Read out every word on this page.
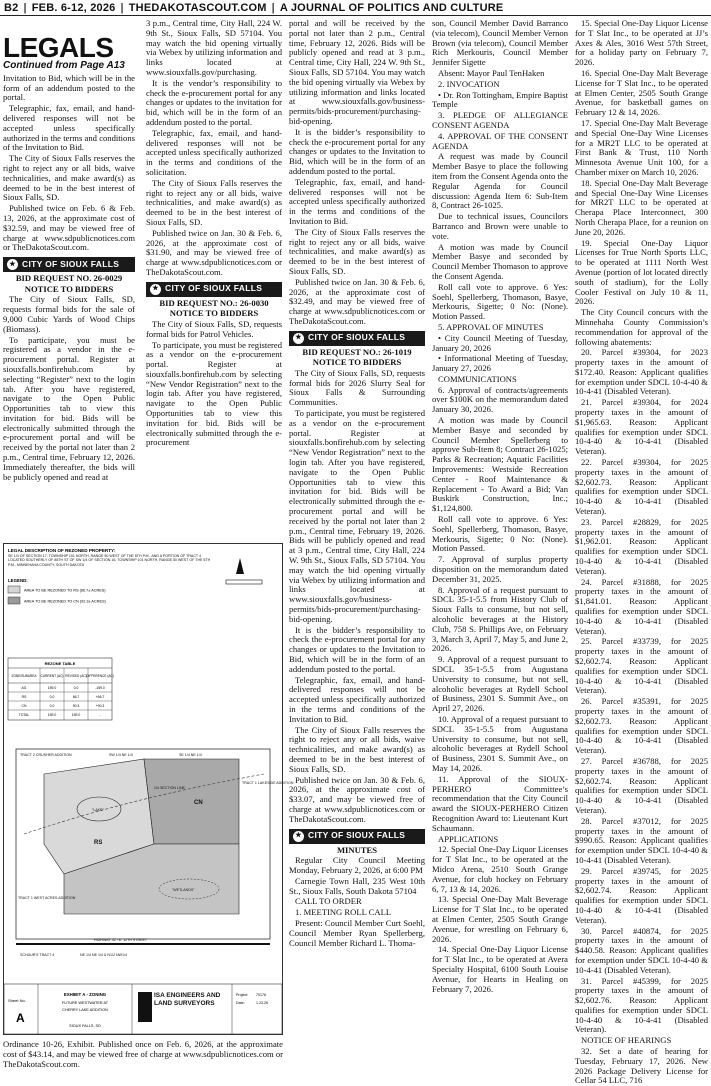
B2 | FEB. 6-12, 2026 | THEDAKOTASCOUT.COM | A JOURNAL OF POLITICS AND CULTURE
LEGALS
Continued from Page A13

Invitation to Bid, which will be in the form of an addendum posted to the portal.

Telegraphic, fax, email, and hand-delivered responses will not be accepted unless specifically authorized in the terms and conditions of the Invitation to Bid.

The City of Sioux Falls reserves the right to reject any or all bids, waive technicalities, and make award(s) as deemed to be in the best interest of Sioux Falls, SD.

Published twice on Feb. 6 & Feb. 13, 2026, at the approximate cost of $32.59, and may be viewed free of charge at www.sdpublicnotices.com or TheDakotaScout.com.

★ CITY OF SIOUX FALLS
BID REQUEST NO. 26-0029
NOTICE TO BIDDERS

The City of Sioux Falls, SD, requests formal bids for the sale of 9,000 Cubic Yards of Wood Chips (Biomass).

To participate, you must be registered as a vendor in the e-procurement portal. Register at siouxfalls.bonfirehub.com by selecting “Register” next to the login tab. After you have registered, navigate to the Open Public Opportunities tab to view this invitation for bid. Bids will be electronically submitted through the e-procurement portal and will be received by the portal not later than 2 p.m., Central time, February 12, 2026. Immediately thereafter, the bids will be publicly opened and read at

3 p.m., Central time, City Hall, 224 W. 9th St., Sioux Falls, SD 57104. You may watch the bid opening virtually via Webex by utilizing information and links located at www.siouxfalls.gov/purchasing.

It is the vendor’s responsibility to check the e-procurement portal for any changes or updates to the invitation for bid, which will be in the form of an addendum posted to the portal.

Telegraphic, fax, email, and hand-delivered responses will not be accepted unless specifically authorized in the terms and conditions of the solicitation.

The City of Sioux Falls reserves the right to reject any or all bids, waive technicalities, and make award(s) as deemed to be in the best interest of Sioux Falls, SD.

Published twice on Jan. 30 & Feb. 6, 2026, at the approximate cost of $31.90, and may be viewed free of charge at www.sdpublicnotices.com or TheDakotaScout.com.

★ CITY OF SIOUX FALLS
BID REQUEST NO.: 26-0030
NOTICE TO BIDDERS

The City of Sioux Falls, SD, requests formal bids for Patrol Vehicles.

To participate, you must be registered as a vendor on the e-procurement portal. Register at siouxfalls.bonfirehub.com by selecting “New Vendor Registration” next to the login tab. After you have registered, navigate to the Open Public Opportunities tab to view this invitation for bid. Bids will be electronically submitted through the e-procurement

LEGAL DESCRIPTION OF REZONED PROPERTY:
SE 1/4 OF SECTION 17, TOWNSHIP 101 NORTH, RANGE 50 WEST OF THE 5TH P.M., AND A PORTION OF TRACT 4 LOCATED SOUTHERLY OF 85TH ST OF SW 1/4 OF SECTION 16, TOWNSHIP 101 NORTH, RANGE 50 WEST OF THE 5TH P.M., MINNEHAHA COUNTY, SOUTH DAKOTA
LEGEND:
AREA TO BE REZONED TO RS (66.7± ACRES)
AREA TO BE REZONED TO CN (92.3± ACRES)
REZONE TABLE
ZONE/SUBAREA CURRENT (AC) REVISED (AC) DIFFERENCE (AC)
AG	159.0	0.0	-159.0
RS	0.0	66.7	+66.7
CN	0.0	90.3	+90.3
TOTAL	159.0	159.0	-
TRACT 2 CRUSHER ADDITION	SW 1/4 NE 1/4	SE 1/4 NE 1/4
TRACT 1 LAKESIDE ADDITION
1/4 SECTION LINE
"LAKE"
"WETLANDS"
HIGHWAY 42 / E. 12TH STREET
TRACT 1 WEST ACRES ADDITION
SCHUUR'S TRACT 4	NE 1/4 NE 1/4 & N1/2 NW1/4
RS
CN
Sheet No.
A
EXHIBIT A - ZONING
FUTURE WESTWATER AT
CHERRY LAKE ADDITION
SIOUX FALLS, SD
ISA ENGINEERS AND LAND SURVEYORS
Project: 70176
Date:	1.23.26

Ordinance 10-26, Exhibit. Published once on Feb. 6, 2026, at the approximate cost of $43.14, and may be viewed free of charge at www.sdpublicnotices.com or TheDakotaScout.com.

portal and will be received by the portal not later than 2 p.m., Central time, February 12, 2026. Bids will be publicly opened and read at 3 p.m., Central time, City Hall, 224 W. 9th St., Sioux Falls, SD 57104. You may watch the bid opening virtually via Webex by utilizing information and links located at www.siouxfalls.gov/business-permits/bids-procurement/purchasing-bid-opening.

It is the bidder’s responsibility to check the e-procurement portal for any changes or updates to the Invitation to Bid, which will be in the form of an addendum posted to the portal.

Telegraphic, fax, email, and hand-delivered responses will not be accepted unless specifically authorized in the terms and conditions of the Invitation to Bid.

The City of Sioux Falls reserves the right to reject any or all bids, waive technicalities, and make award(s) as deemed to be in the best interest of Sioux Falls, SD.

Published twice on Jan. 30 & Feb. 6, 2026, at the approximate cost of $32.49, and may be viewed free of charge at www.sdpublicnotices.com or TheDakotaScout.com.

★ CITY OF SIOUX FALLS
BID REQUEST NO.: 26-1019
NOTICE TO BIDDERS

The City of Sioux Falls, SD, requests formal bids for 2026 Slurry Seal for Sioux Falls & Surrounding Communities.

To participate, you must be registered as a vendor on the e-procurement portal. Register at siouxfalls.bonfirehub.com by selecting “New Vendor Registration” next to the login tab. After you have registered, navigate to the Open Public Opportunities tab to view this invitation for bid. Bids will be electronically submitted through the e-procurement portal and will be received by the portal not later than 2 p.m., Central time, February 19, 2026. Bids will be publicly opened and read at 3 p.m., Central time, City Hall, 224 W. 9th St., Sioux Falls, SD 57104. You may watch the bid opening virtually via Webex by utilizing information and links located at www.siouxfalls.gov/business-permits/bids-procurement/purchasing-bid-opening.

It is the bidder’s responsibility to check the e-procurement portal for any changes or updates to the Invitation to Bid, which will be in the form of an addendum posted to the portal.

Telegraphic, fax, email, and hand-delivered responses will not be accepted unless specifically authorized in the terms and conditions of the Invitation to Bid.

The City of Sioux Falls reserves the right to reject any or all bids, waive technicalities, and make award(s) as deemed to be in the best interest of Sioux Falls, SD.

Published twice on Jan. 30 & Feb. 6, 2026, at the approximate cost of $33.07, and may be viewed free of charge at www.sdpublicnotices.com or TheDakotaScout.com.

★ CITY OF SIOUX FALLS
MINUTES

Regular City Council Meeting Monday, February 2, 2026, at 6:00 PM

Carnegie Town Hall, 235 West 10th St., Sioux Falls, South Dakota 57104

CALL TO ORDER

1. MEETING ROLL CALL

Present: Council Member Curt Soehl, Council Member Ryan Spellerberg, Council Member Richard L. Thoma-

son, Council Member David Barranco (via telecom), Council Member Vernon Brown (via telecom), Council Member Rich Merkouris, Council Member Jennifer Sigette

Absent: Mayor Paul TenHaken

2. INVOCATION

• Dr. Ron Tottingham, Empire Baptist Temple

3. PLEDGE OF ALLEGIANCE CONSENT AGENDA

4. APPROVAL OF THE CONSENT AGENDA

A request was made by Council Member Basye to place the following item from the Consent Agenda onto the Regular Agenda for Council discussion: Agenda Item 6: Sub-Item 8, Contract 26-1025.

Due to technical issues, Councilors Barranco and Brown were unable to vote.

A motion was made by Council Member Basye and seconded by Council Member Thomason to approve the Consent Agenda.

Roll call vote to approve. 6 Yes: Soehl, Spellerberg, Thomason, Basye, Merkouris, Sigette; 0 No: (None). Motion Passed.

5. APPROVAL OF MINUTES

• City Council Meeting of Tuesday, January 20, 2026

• Informational Meeting of Tuesday, January 27, 2026

COMMUNICATIONS

6. Approval of contracts/agreements over $100K on the memorandum dated January 30, 2026.

A motion was made by Council Member Basye and seconded by Council Member Spellerberg to approve Sub-Item 8; Contract 26-1025; Parks & Recreation; Aquatic Facilities Improvements: Westside Recreation Center - Roof Maintenance & Replacement - To Award a Bid; Van Buskirk Construction, Inc.; $1,124,800.

Roll call vote to approve. 6 Yes: Soehl, Spellerberg, Thomason, Basye, Merkouris, Sigette; 0 No: (None). Motion Passed.

7. Approval of surplus property disposition on the memorandum dated December 31, 2025.

8. Approval of a request pursuant to SDCL 35-1-5.5 from History Club of Sioux Falls to consume, but not sell, alcoholic beverages at the History Club, 758 S. Phillips Ave, on February 3, March 3, April 7, May 5, and June 2, 2026.

9. Approval of a request pursuant to SDCL 35-1-5.5 from Augustana University to consume, but not sell, alcoholic beverages at Rydell School of Business, 2301 S. Summit Ave., on April 27, 2026.

10. Approval of a request pursuant to SDCL 35-1-5.5 from Augustana University to consume, but not sell, alcoholic beverages at Rydell School of Business, 2301 S. Summit Ave., on May 14, 2026.

11. Approval of the SIOUX-PERHERO Committee’s recommendation that the City Council award the SIOUX-PERHERO Citizen Recognition Award to: Lieutenant Kurt Schaumann.

APPLICATIONS

12. Special One-Day Liquor Licenses for T Slat Inc., to be operated at the Midco Arena, 2510 South Grange Avenue, for club hockey on February 6, 7, 13 & 14, 2026.

13. Special One-Day Malt Beverage License for T Slat Inc., to be operated at Elmen Center, 2505 South Grange Avenue, for wrestling on February 6, 2026.

14. Special One-Day Liquor License for T Slat Inc., to be operated at Avera Specialty Hospital, 6100 South Louise Avenue, for Hearts in Healing on February 7, 2026.

15. Special One-Day Liquor License for T Slat Inc., to be operated at JJ’s Axes & Ales, 3016 West 57th Street, for a holiday party on February 7, 2026.

16. Special One-Day Malt Beverage License for T Slat Inc., to be operated at Elmen Center, 2505 South Grange Avenue, for basketball games on February 12 & 14, 2026.

17. Special One-Day Malt Beverage and Special One-Day Wine Licenses for a MR2T LLC to be operated at First Bank & Trust, 110 North Minnesota Avenue Unit 100, for a Chamber mixer on March 10, 2026.

18. Special One-Day Malt Beverage and Special One-Day Wine Licenses for MR2T LLC to be operated at Cherapa Place Interconnect, 300 North Cherapa Place, for a reunion on June 20, 2026.

19. Special One-Day Liquor Licenses for True North Sports LLC, to be operated at 1111 North West Avenue (portion of lot located directly south of stadium), for the Lolly Cooler Festival on July 10 & 11, 2026.

The City Council concurs with the Minnehaha County Commission’s recommendation for approval of the following abatements:

20. Parcel #39304, for 2023 property taxes in the amount of $172.40. Reason: Applicant qualifies for exemption under SDCL 10-4-40 & 10-4-41 (Disabled Veteran).

21. Parcel #39304, for 2024 property taxes in the amount of $1,965.63. Reason: Applicant qualifies for exemption under SDCL 10-4-40 & 10-4-41 (Disabled Veteran).

22. Parcel #39304, for 2025 property taxes in the amount of $2,602.73. Reason: Applicant qualifies for exemption under SDCL 10-4-40 & 10-4-41 (Disabled Veteran).

23. Parcel #28829, for 2025 property taxes in the amount of $1,962.01. Reason: Applicant qualifies for exemption under SDCL 10-4-40 & 10-4-41 (Disabled Veteran).

24. Parcel #31888, for 2025 property taxes in the amount of $1,841.01. Reason: Applicant qualifies for exemption under SDCL 10-4-40 & 10-4-41 (Disabled Veteran).

25. Parcel #33739, for 2025 property taxes in the amount of $2,602.74. Reason: Applicant qualifies for exemption under SDCL 10-4-40 & 10-4-41 (Disabled Veteran).

26. Parcel #35391, for 2025 property taxes in the amount of $2,602.73. Reason: Applicant qualifies for exemption under SDCL 10-4-40 & 10-4-41 (Disabled Veteran).

27. Parcel #36788, for 2025 property taxes in the amount of $2,602.74. Reason: Applicant qualifies for exemption under SDCL 10-4-40 & 10-4-41 (Disabled Veteran).

28. Parcel #37012, for 2025 property taxes in the amount of $990.65. Reason: Applicant qualifies for exemption under SDCL 10-4-40 & 10-4-41 (Disabled Veteran).

29. Parcel #39745, for 2025 property taxes in the amount of $2,602.74. Reason: Applicant qualifies for exemption under SDCL 10-4-40 & 10-4-41 (Disabled Veteran).

30. Parcel #40874, for 2025 property taxes in the amount of $440.58. Reason: Applicant qualifies for exemption under SDCL 10-4-40 & 10-4-41 (Disabled Veteran).

31. Parcel #45399, for 2025 property taxes in the amount of $2,602.76. Reason: Applicant qualifies for exemption under SDCL 10-4-40 & 10-4-41 (Disabled Veteran).

NOTICE OF HEARINGS

32. Set a date of hearing for Tuesday, February 17, 2026. New 2026 Package Delivery License for Cellar 54 LLC, 716
